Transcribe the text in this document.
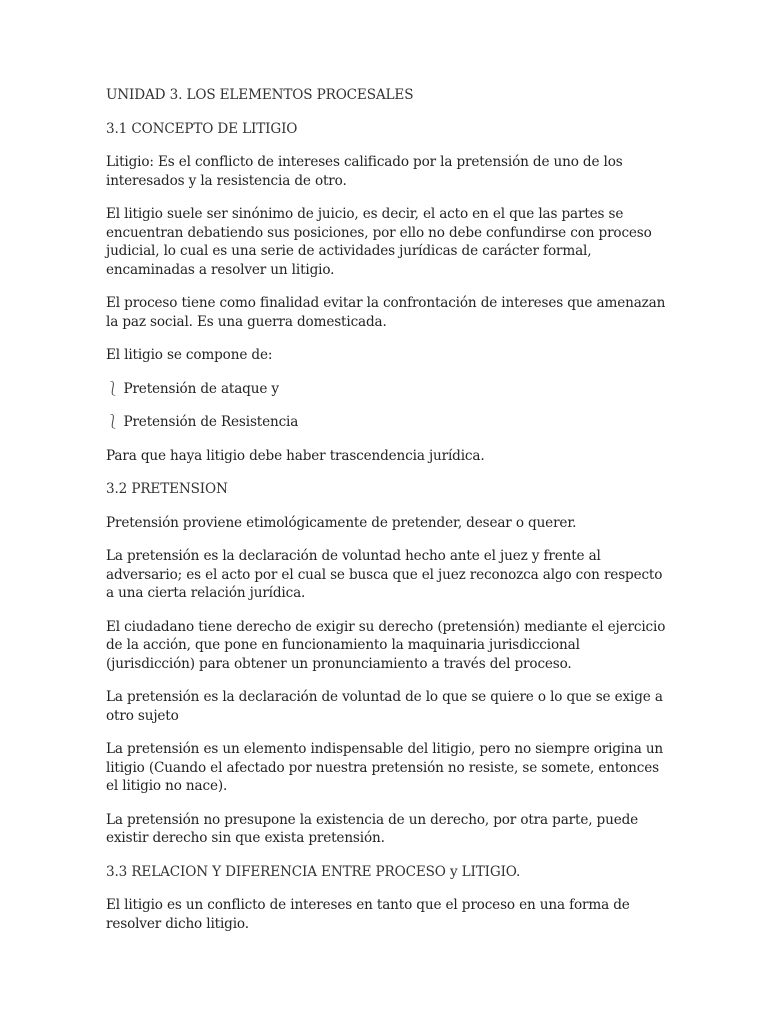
UNIDAD 3. LOS ELEMENTOS PROCESALES

3.1 CONCEPTO DE LITIGIO

Litigio: Es el conflicto de intereses calificado por la pretensión de uno de los interesados y la resistencia de otro.

El litigio suele ser sinónimo de juicio, es decir, el acto en el que las partes se encuentran debatiendo sus posiciones, por ello no debe confundirse con proceso judicial, lo cual es una serie de actividades jurídicas de carácter formal, encaminadas a resolver un litigio.

El proceso tiene como finalidad evitar la confrontación de intereses que amenazan la paz social. Es una guerra domesticada.

El litigio se compone de:

⎱ Pretensión de ataque y
⎱ Pretensión de Resistencia

Para que haya litigio debe haber trascendencia jurídica.

3.2 PRETENSION

Pretensión proviene etimológicamente de pretender, desear o querer.

La pretensión es la declaración de voluntad hecho ante el juez y frente al adversario; es el acto por el cual se busca que el juez reconozca algo con respecto a una cierta relación jurídica.

El ciudadano tiene derecho de exigir su derecho (pretensión) mediante el ejercicio de la acción, que pone en funcionamiento la maquinaria jurisdiccional (jurisdicción) para obtener un pronunciamiento a través del proceso.

La pretensión es la declaración de voluntad de lo que se quiere o lo que se exige a otro sujeto

La pretensión es un elemento indispensable del litigio, pero no siempre origina un litigio (Cuando el afectado por nuestra pretensión no resiste, se somete, entonces el litigio no nace).

La pretensión no presupone la existencia de un derecho, por otra parte, puede existir derecho sin que exista pretensión.

3.3 RELACION Y DIFERENCIA ENTRE PROCESO y LITIGIO.

El litigio es un conflicto de intereses en tanto que el proceso en una forma de resolver dicho litigio.
